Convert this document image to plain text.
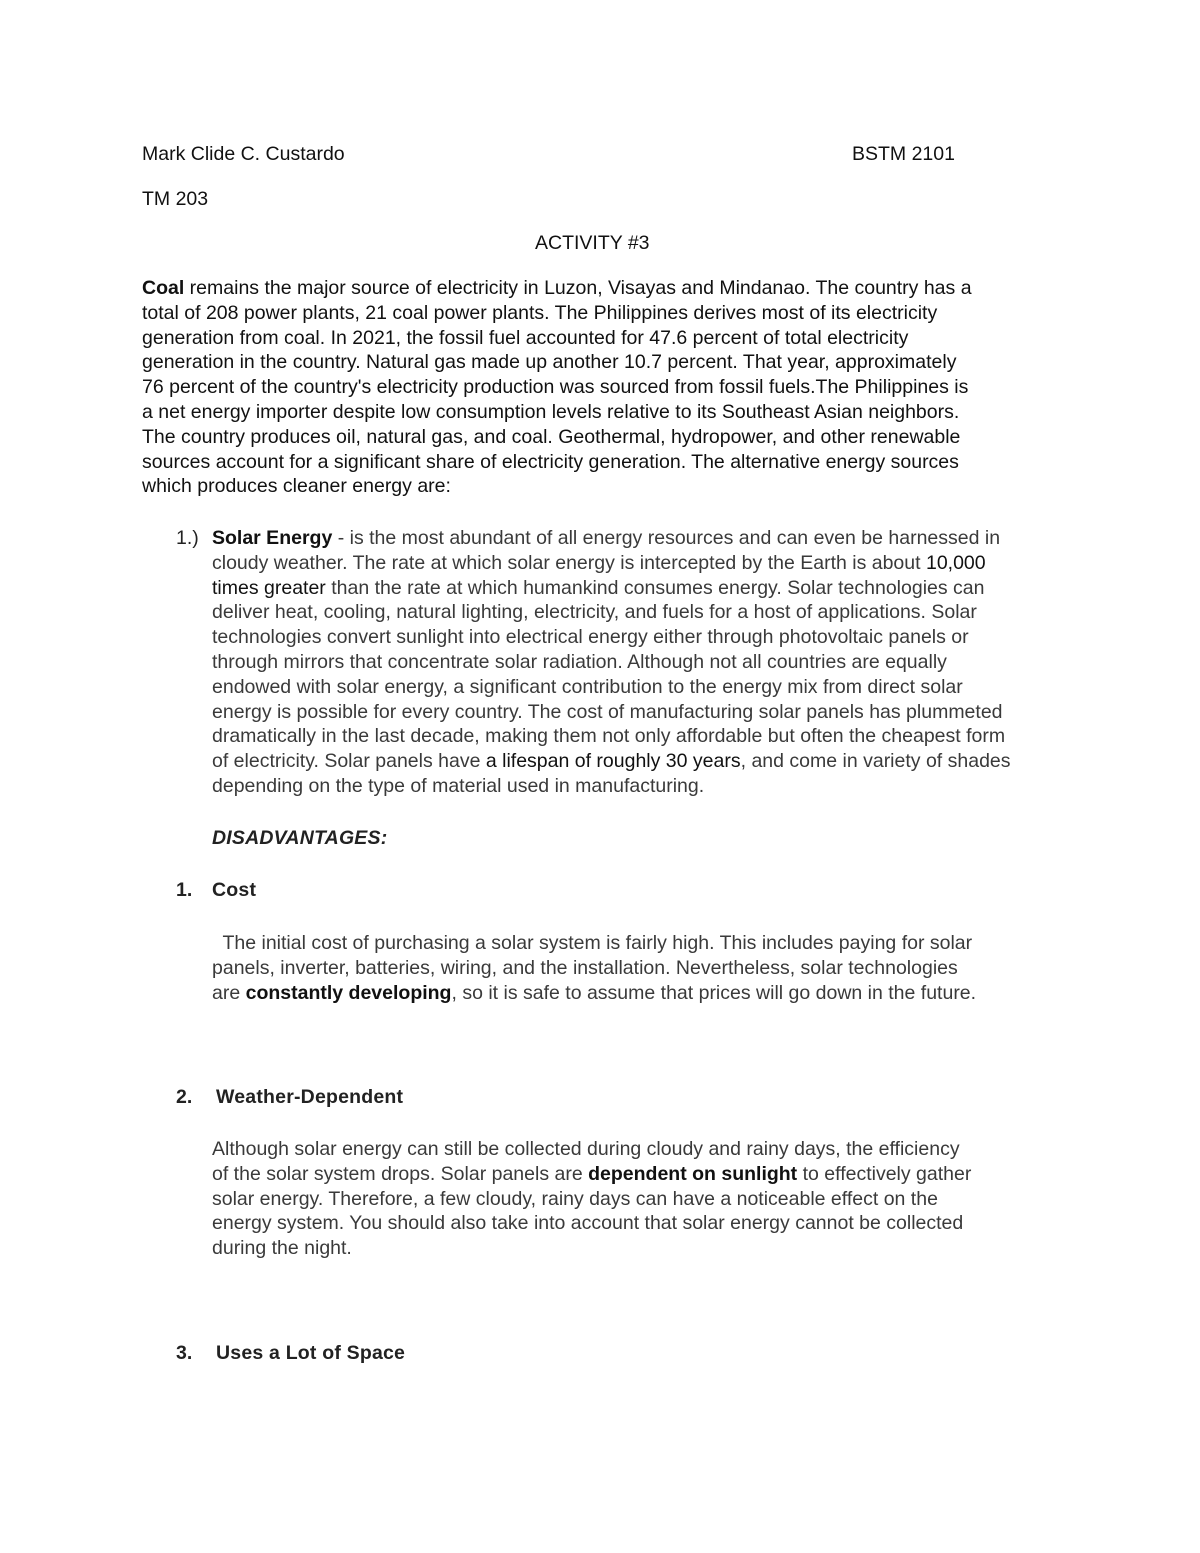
Mark Clide C. Custardo	BSTM 2101
TM 203
ACTIVITY #3
Coal remains the major source of electricity in Luzon, Visayas and Mindanao. The country has a
total of 208 power plants, 21 coal power plants. The Philippines derives most of its electricity
generation from coal. In 2021, the fossil fuel accounted for 47.6 percent of total electricity
generation in the country. Natural gas made up another 10.7 percent. That year, approximately
76 percent of the country's electricity production was sourced from fossil fuels.The Philippines is
a net energy importer despite low consumption levels relative to its Southeast Asian neighbors.
The country produces oil, natural gas, and coal. Geothermal, hydropower, and other renewable
sources account for a significant share of electricity generation. The alternative energy sources
which produces cleaner energy are:
1.) Solar Energy - is the most abundant of all energy resources and can even be harnessed in
cloudy weather. The rate at which solar energy is intercepted by the Earth is about 10,000
times greater than the rate at which humankind consumes energy. Solar technologies can
deliver heat, cooling, natural lighting, electricity, and fuels for a host of applications. Solar
technologies convert sunlight into electrical energy either through photovoltaic panels or
through mirrors that concentrate solar radiation. Although not all countries are equally
endowed with solar energy, a significant contribution to the energy mix from direct solar
energy is possible for every country. The cost of manufacturing solar panels has plummeted
dramatically in the last decade, making them not only affordable but often the cheapest form
of electricity. Solar panels have a lifespan of roughly 30 years, and come in variety of shades
depending on the type of material used in manufacturing.
DISADVANTAGES:
1. Cost
The initial cost of purchasing a solar system is fairly high. This includes paying for solar
panels, inverter, batteries, wiring, and the installation. Nevertheless, solar technologies
are constantly developing, so it is safe to assume that prices will go down in the future.
2. Weather-Dependent
Although solar energy can still be collected during cloudy and rainy days, the efficiency
of the solar system drops. Solar panels are dependent on sunlight to effectively gather
solar energy. Therefore, a few cloudy, rainy days can have a noticeable effect on the
energy system. You should also take into account that solar energy cannot be collected
during the night.
3. Uses a Lot of Space
